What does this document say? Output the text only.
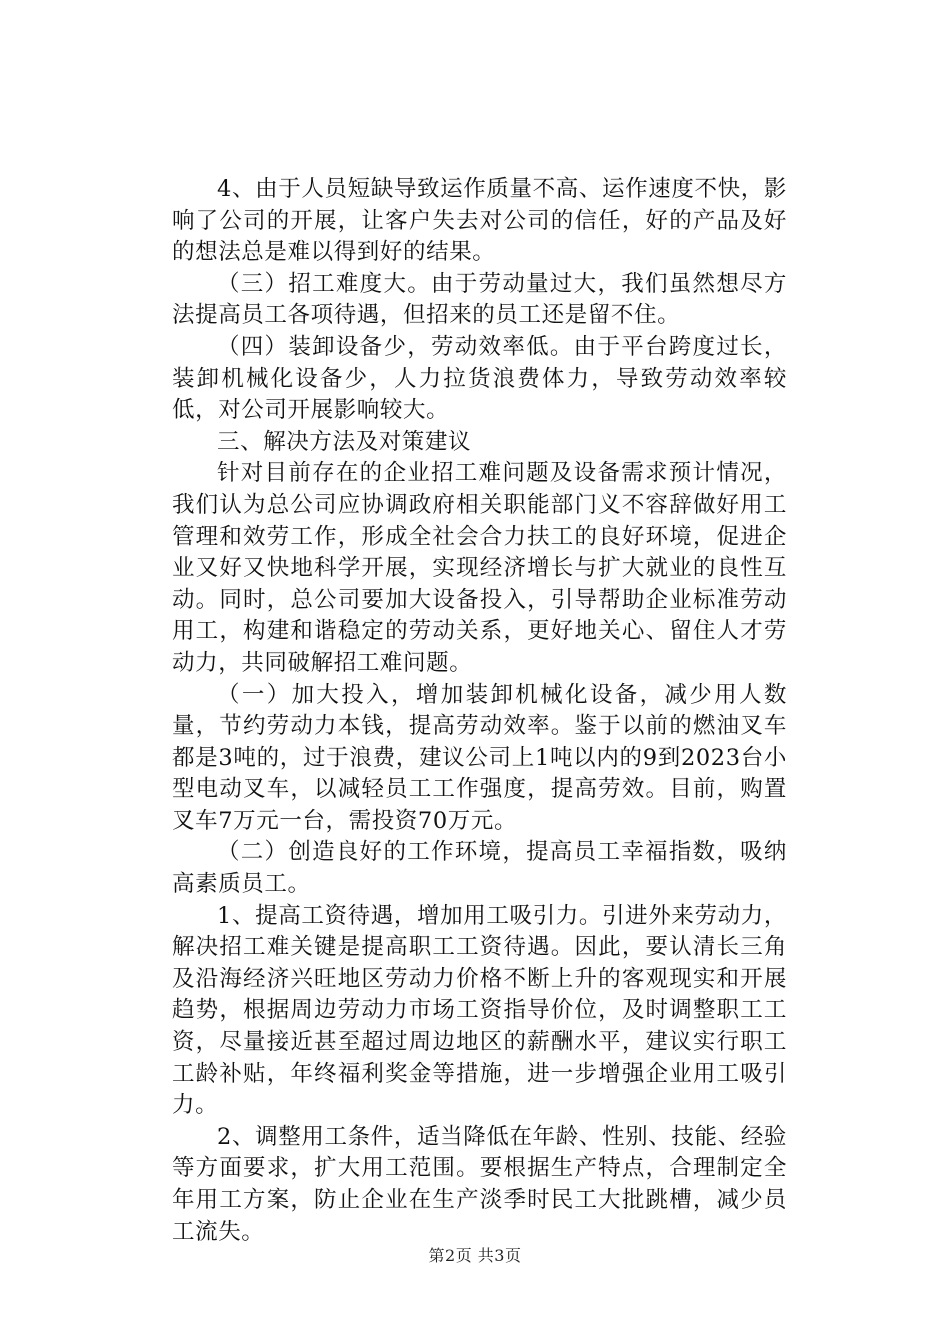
4、由于人员短缺导致运作质量不高、运作速度不快，影响了公司的开展，让客户失去对公司的信任，好的产品及好的想法总是难以得到好的结果。

（三）招工难度大。由于劳动量过大，我们虽然想尽方法提高员工各项待遇，但招来的员工还是留不住。

（四）装卸设备少，劳动效率低。由于平台跨度过长，装卸机械化设备少，人力拉货浪费体力，导致劳动效率较低，对公司开展影响较大。

三、解决方法及对策建议

针对目前存在的企业招工难问题及设备需求预计情况，我们认为总公司应协调政府相关职能部门义不容辞做好用工管理和效劳工作，形成全社会合力扶工的良好环境，促进企业又好又快地科学开展，实现经济增长与扩大就业的良性互动。同时，总公司要加大设备投入，引导帮助企业标准劳动用工，构建和谐稳定的劳动关系，更好地关心、留住人才劳动力，共同破解招工难问题。

（一）加大投入，增加装卸机械化设备，减少用人数量，节约劳动力本钱，提高劳动效率。鉴于以前的燃油叉车都是3吨的，过于浪费，建议公司上1吨以内的9到2023台小型电动叉车，以减轻员工工作强度，提高劳效。目前，购置叉车7万元一台，需投资70万元。

（二）创造良好的工作环境，提高员工幸福指数，吸纳高素质员工。

1、提高工资待遇，增加用工吸引力。引进外来劳动力，解决招工难关键是提高职工工资待遇。因此，要认清长三角及沿海经济兴旺地区劳动力价格不断上升的客观现实和开展趋势，根据周边劳动力市场工资指导价位，及时调整职工工资，尽量接近甚至超过周边地区的薪酬水平，建议实行职工工龄补贴，年终福利奖金等措施，进一步增强企业用工吸引力。

2、调整用工条件，适当降低在年龄、性别、技能、经验等方面要求，扩大用工范围。要根据生产特点，合理制定全年用工方案，防止企业在生产淡季时民工大批跳槽，减少员工流失。

第2页 共3页
